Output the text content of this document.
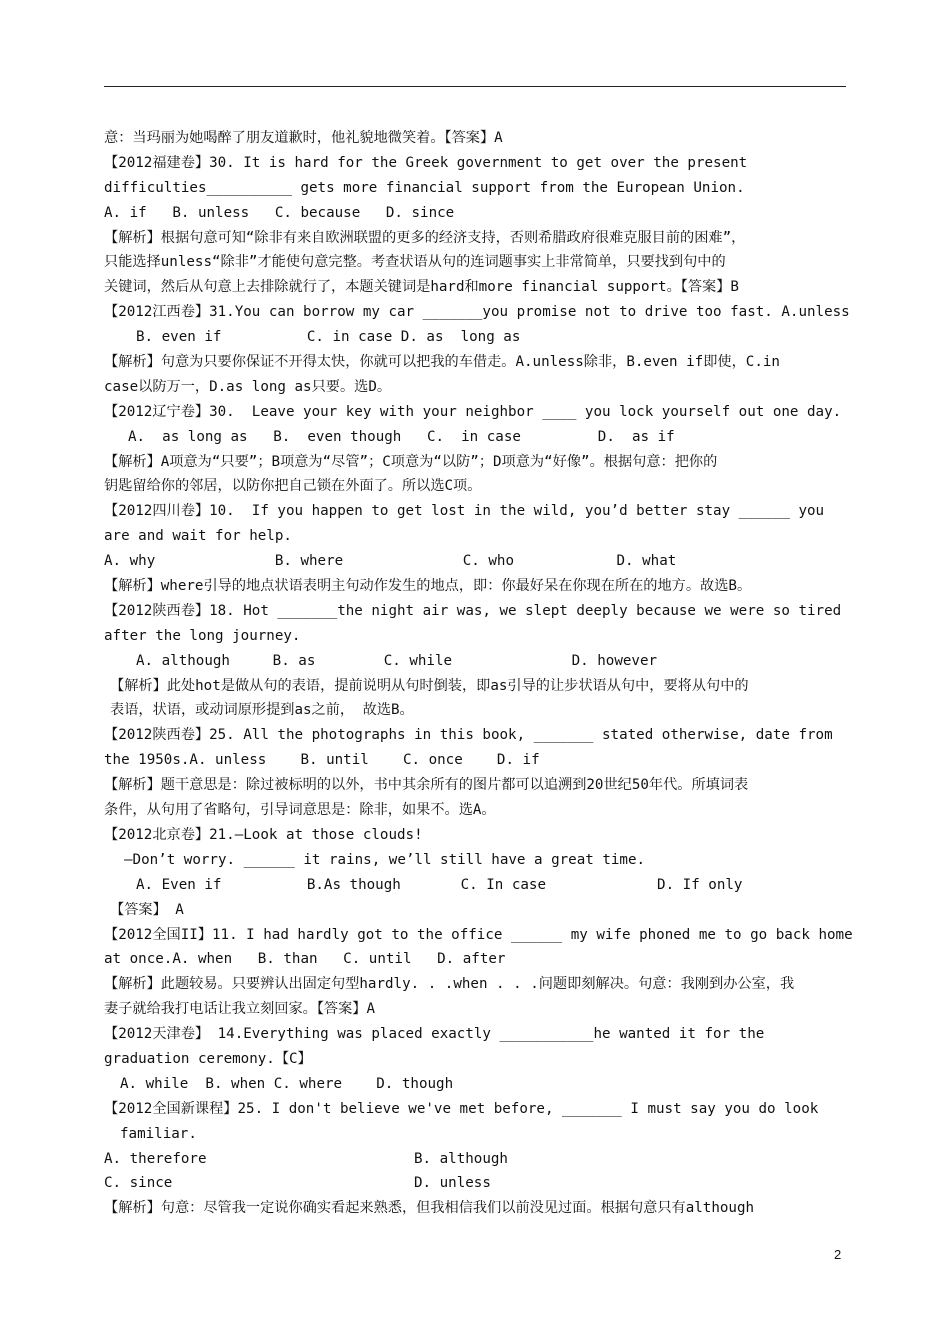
意：当玛丽为她喝醉了朋友道歉时，他礼貌地微笑着。【答案】A
【2012福建卷】30. It is hard for the Greek government to get over the present
difficulties__________ gets more financial support from the European Union.
A. if   B. unless   C. because   D. since
【解析】根据句意可知“除非有来自欧洲联盟的更多的经济支持，否则希腊政府很难克服目前的困难”，
只能选择unless“除非”才能使句意完整。考查状语从句的连词题事实上非常简单，只要找到句中的
关键词，然后从句意上去排除就行了，本题关键词是hard和more financial support。【答案】B
【2012江西卷】31.You can borrow my car _______you promise not to drive too fast. A.unless
B. even if          C. in case D. as  long as
【解析】句意为只要你保证不开得太快，你就可以把我的车借走。A.unless除非，B.even if即使，C.in
case以防万一，D.as long as只要。选D。
【2012辽宁卷】30.  Leave your key with your neighbor ____ you lock yourself out one day.
A.  as long as   B.  even though   C.  in case         D.  as if
【解析】A项意为“只要”；B项意为“尽管”；C项意为“以防”；D项意为“好像”。根据句意：把你的
钥匙留给你的邻居，以防你把自己锁在外面了。所以选C项。
【2012四川卷】10.  If you happen to get lost in the wild, you’d better stay ______ you
are and wait for help.
A. why              B. where              C. who            D. what
【解析】where引导的地点状语表明主句动作发生的地点，即：你最好呆在你现在所在的地方。故选B。
【2012陕西卷】18. Hot _______the night air was, we slept deeply because we were so tired
after the long journey.
A. although     B. as        C. while              D. however
【解析】此处hot是做从句的表语，提前说明从句时倒装，即as引导的让步状语从句中，要将从句中的
表语，状语，或动词原形提到as之前， 故选B。
【2012陕西卷】25. All the photographs in this book, _______ stated otherwise, date from
the 1950s.A. unless    B. until    C. once    D. if
【解析】题干意思是：除过被标明的以外，书中其余所有的图片都可以追溯到20世纪50年代。所填词表
条件，从句用了省略句，引导词意思是：除非，如果不。选A。
【2012北京卷】21.—Look at those clouds!
—Don’t worry. ______ it rains, we’ll still have a great time.
A. Even if          B.As though       C. In case             D. If only
【答案】 A
【2012全国II】11. I had hardly got to the office ______ my wife phoned me to go back home
at once.A. when   B. than   C. until   D. after
【解析】此题较易。只要辨认出固定句型hardly. . .when . . .问题即刻解决。句意：我刚到办公室，我
妻子就给我打电话让我立刻回家。【答案】A
【2012天津卷】 14.Everything was placed exactly ___________he wanted it for the
graduation ceremony.【C】
A. while  B. when C. where    D. though
【2012全国新课程】25. I don't believe we've met before, _______ I must say you do look
familiar.
A. therefore	B. although
C. since	D. unless
【解析】句意：尽管我一定说你确实看起来熟悉，但我相信我们以前没见过面。根据句意只有although
2
